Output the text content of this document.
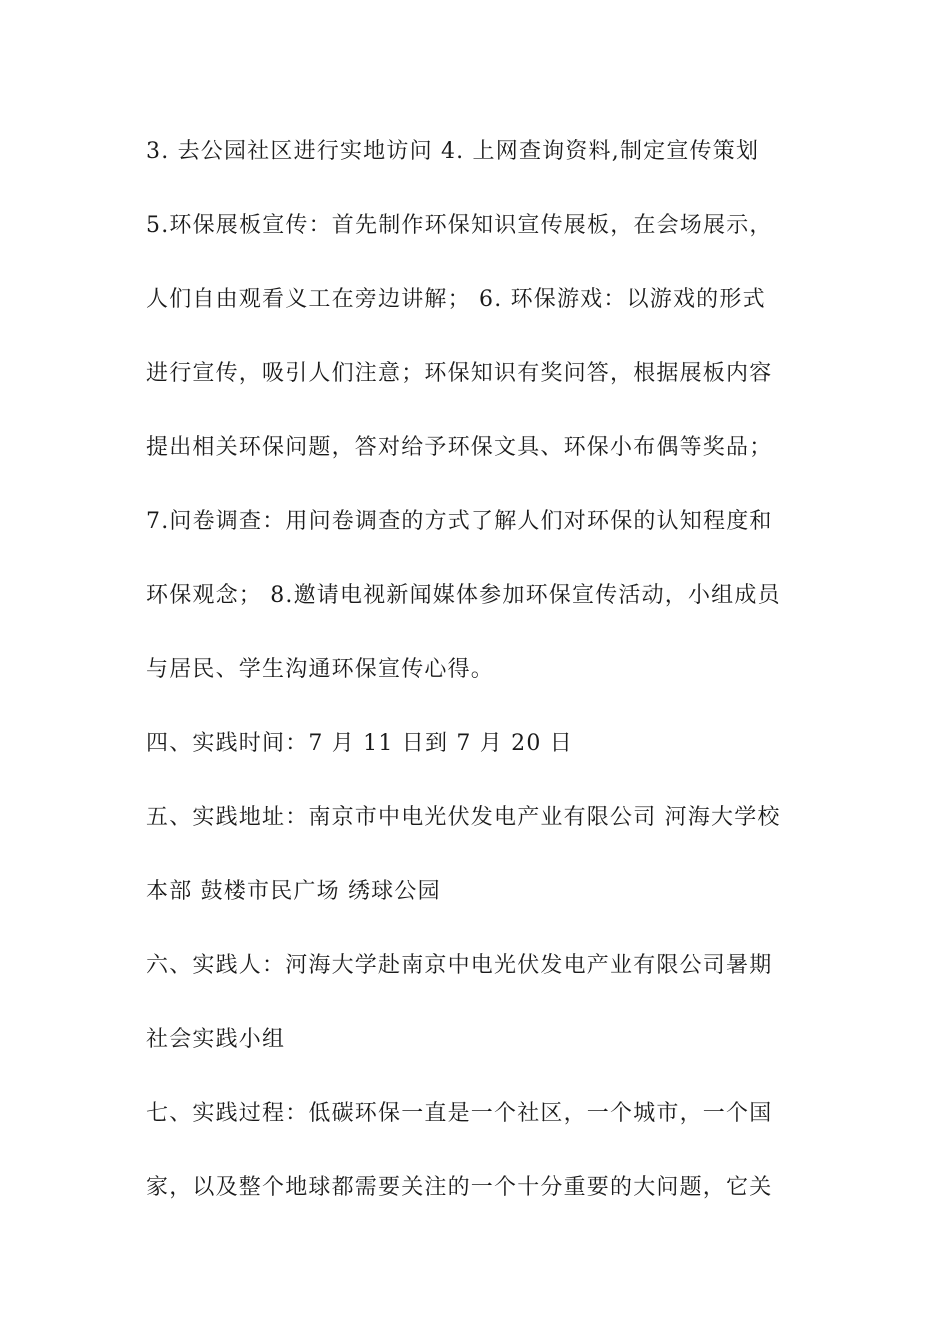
3. 去公园社区进行实地访问 4. 上网查询资料,制定宣传策划
5.环保展板宣传：首先制作环保知识宣传展板，在会场展示，
人们自由观看义工在旁边讲解； 6. 环保游戏：以游戏的形式
进行宣传，吸引人们注意；环保知识有奖问答，根据展板内容
提出相关环保问题，答对给予环保文具、环保小布偶等奖品；
7.问卷调查：用问卷调查的方式了解人们对环保的认知程度和
环保观念； 8.邀请电视新闻媒体参加环保宣传活动，小组成员
与居民、学生沟通环保宣传心得。
四、实践时间：7 月 11 日到 7 月 20 日
五、实践地址：南京市中电光伏发电产业有限公司 河海大学校
本部 鼓楼市民广场 绣球公园
六、实践人：河海大学赴南京中电光伏发电产业有限公司暑期
社会实践小组
七、实践过程：低碳环保一直是一个社区，一个城市，一个国
家，以及整个地球都需要关注的一个十分重要的大问题，它关
